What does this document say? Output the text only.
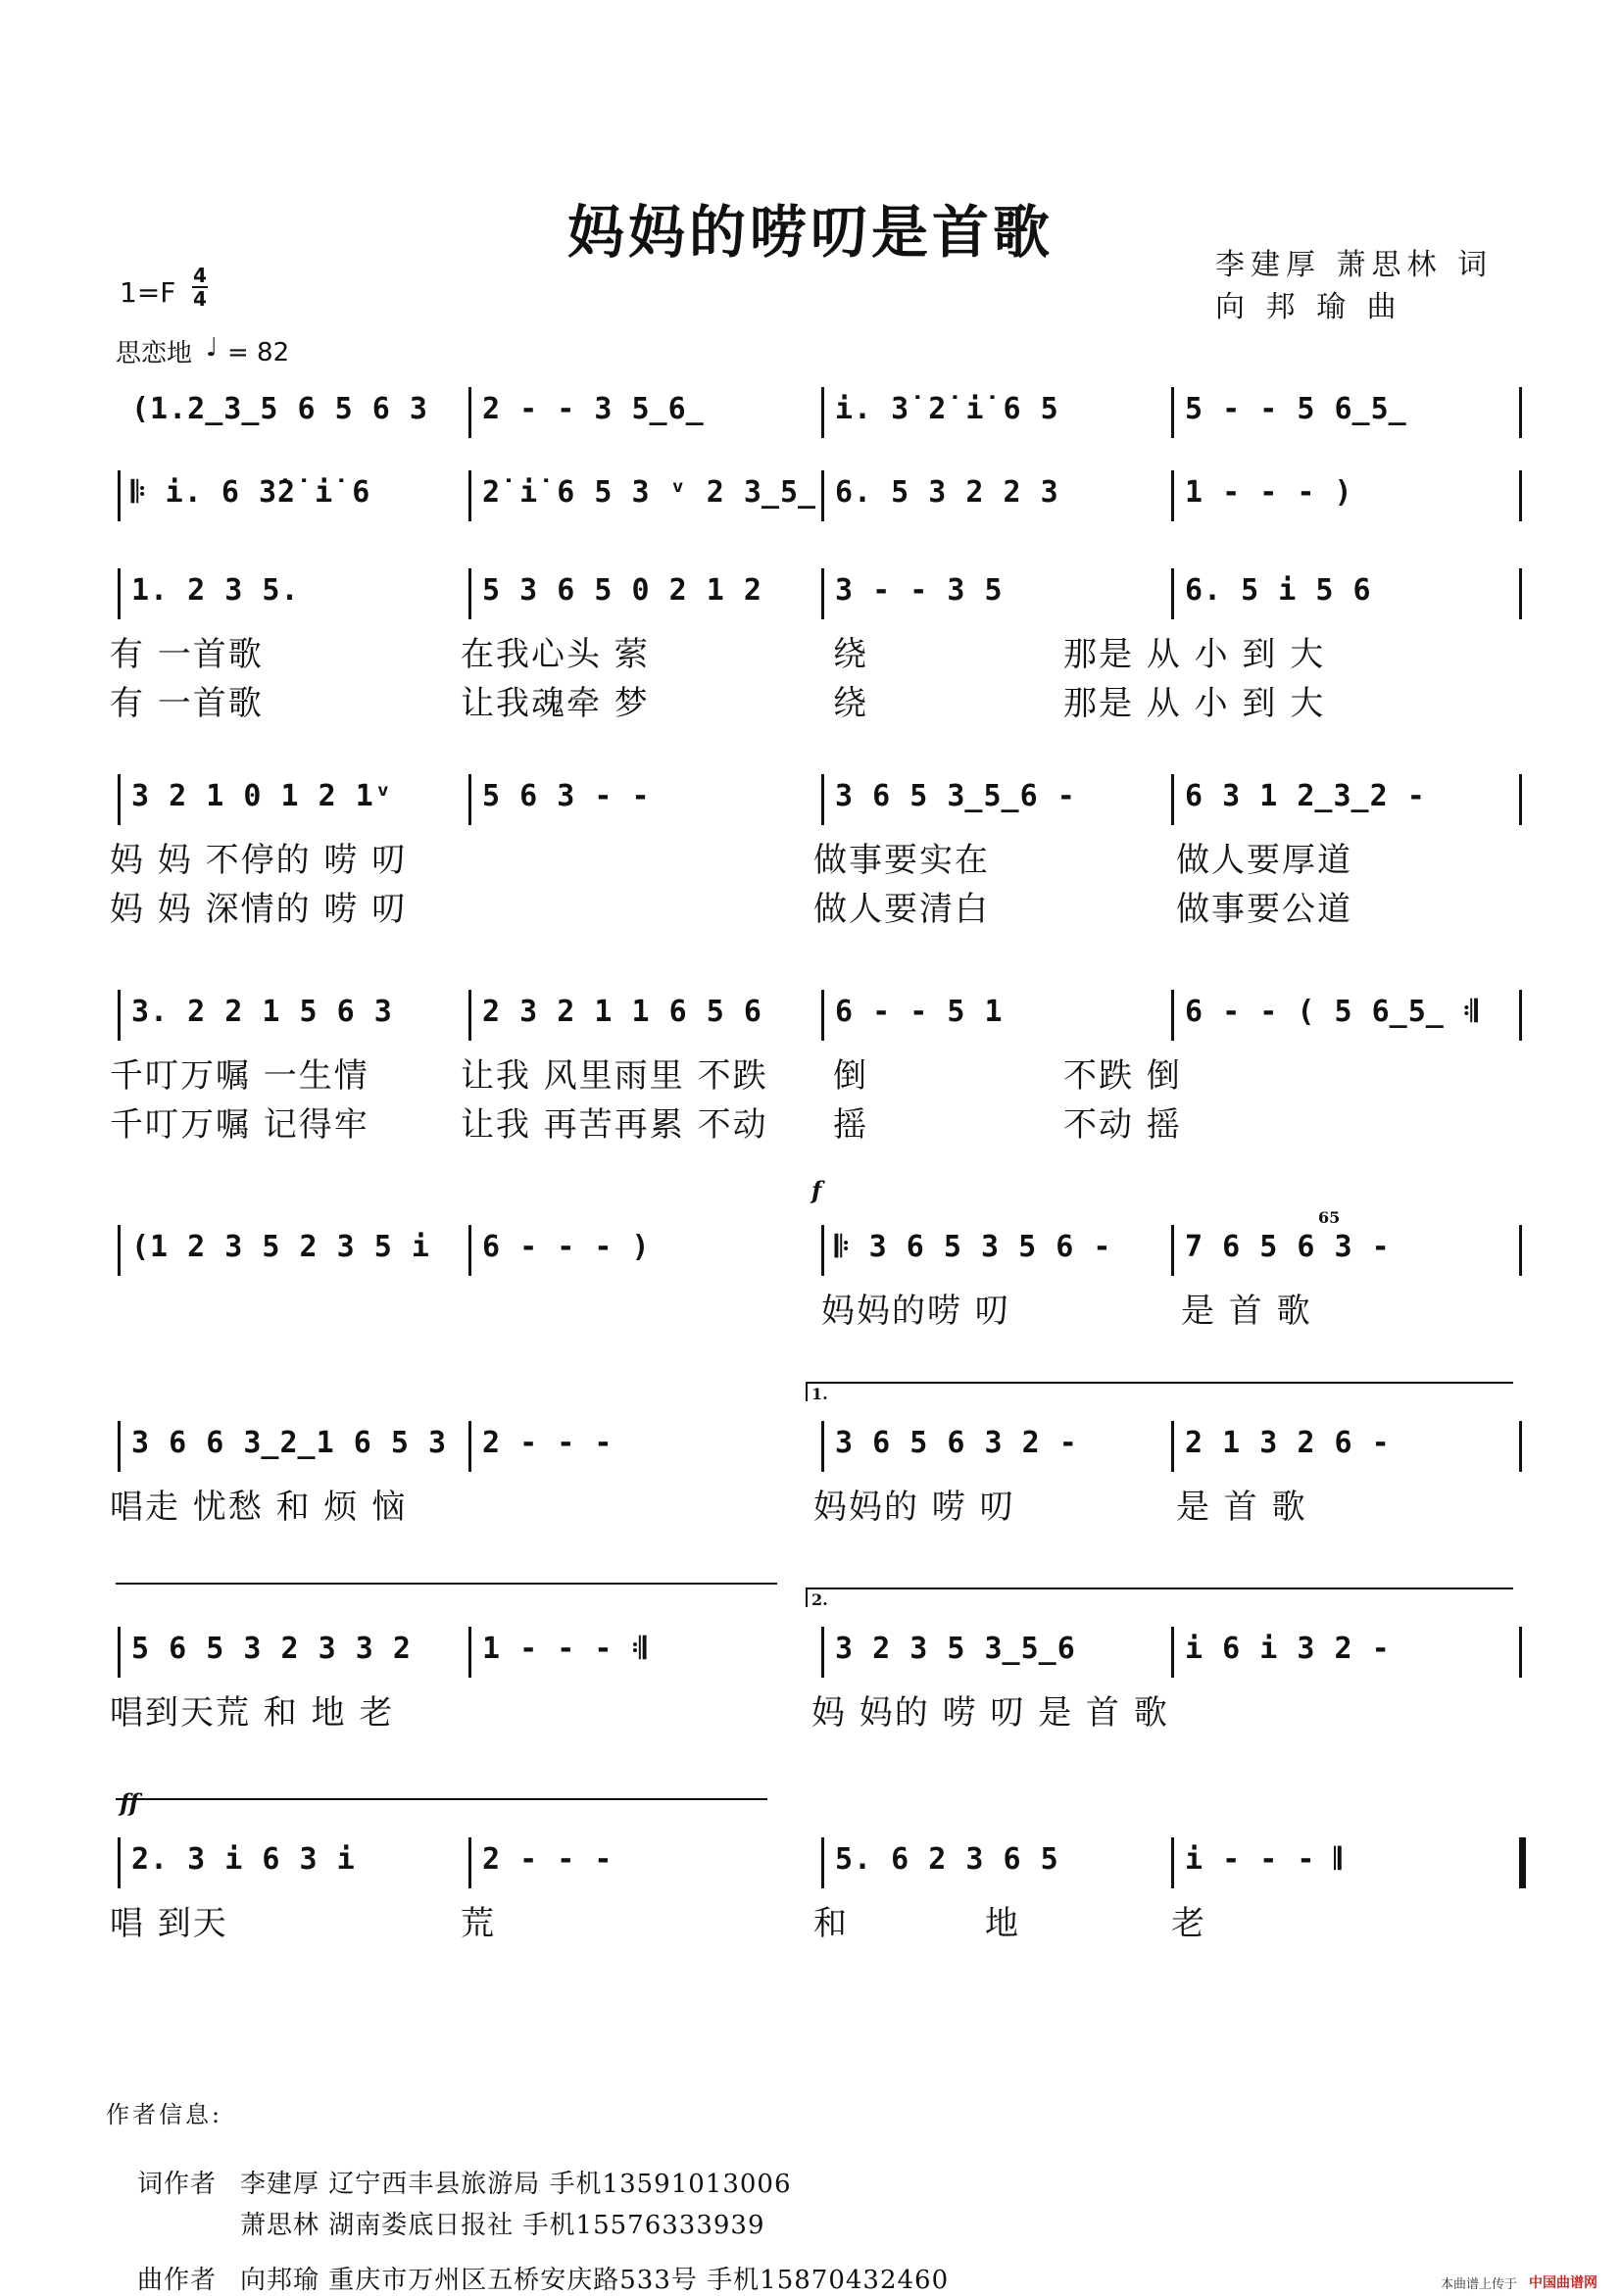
妈妈的唠叨是首歌	李建厚 萧思林 词
向 邦 瑜 曲
1=F
4
4
思恋地 ♩ = 82
(1.2̲3̲5 6 5 6 3 2 - - 3 5̲6̲	i. 3̇ 2̇ i̇ 6 5	5 - - 5 6̲5̲
𝄆 i. 6 3̇2̇ i̇ 6	2̇ i̇ 6 5 3 ᵛ 2 3̲5̲ 6. 5 3 2 2 3	1 - - - )
1. 2 3 5.	5 3 6 5 0 2 1 2 3 - - 3 5	6. 5 i 5 6
有 一首歌	在我心头 萦	绕	那是 从 小 到 大
有 一首歌	让我魂牵 梦	绕	那是 从 小 到 大
3 2 1 0 1 2 1ᵛ	5 6 3 - -	3 6 5 3̲5̲6 -	6 3 1 2̲3̲2 -
妈 妈 不停的 唠 叨	做事要实在	做人要厚道
妈 妈 深情的 唠 叨	做人要清白	做事要公道
3. 2 2 1 5 6 3	2 3 2 1 1 6 5 6 6 - - 5 1	6 - - ( 5 6̲5̲ 𝄇
千叮万嘱 一生情	让我 风里雨里 不跌 倒	不跌 倒
千叮万嘱 记得牢	让我 再苦再累 不动 摇	不动 摇
f
(1 2 3 5 2 3 5 i 6 - - - )	𝄆 3 6 5 3 5 6 - 7 6 5 6 3 -
65
妈妈的唠 叨	是 首 歌
1.
3 6 6 3̲2̲1 6 5 3 2 - - -	3 6 5 6 3 2 -	2 1 3 2 6 -
唱走 忧愁 和 烦 恼	妈妈的 唠 叨	是 首 歌
2.
5 6 5 3 2 3 3 2 1 - - - 𝄇	3 2 3 5 3̲5̲6	i 6 i 3 2 -
唱到天荒 和 地 老	妈 妈的 唠 叨 是 首 歌
ff
2. 3 i 6 3 i	2 - - -	5. 6 2 3 6 5	i - - - 𝄂
唱 到天	荒	和	地	老
作者信息:
词作者 李建厚 辽宁西丰县旅游局 手机13591013006
萧思林 湖南娄底日报社 手机15576333939
曲作者 向邦瑜 重庆市万州区五桥安庆路533号 手机15870432460	本曲谱上传于 中国曲谱网
